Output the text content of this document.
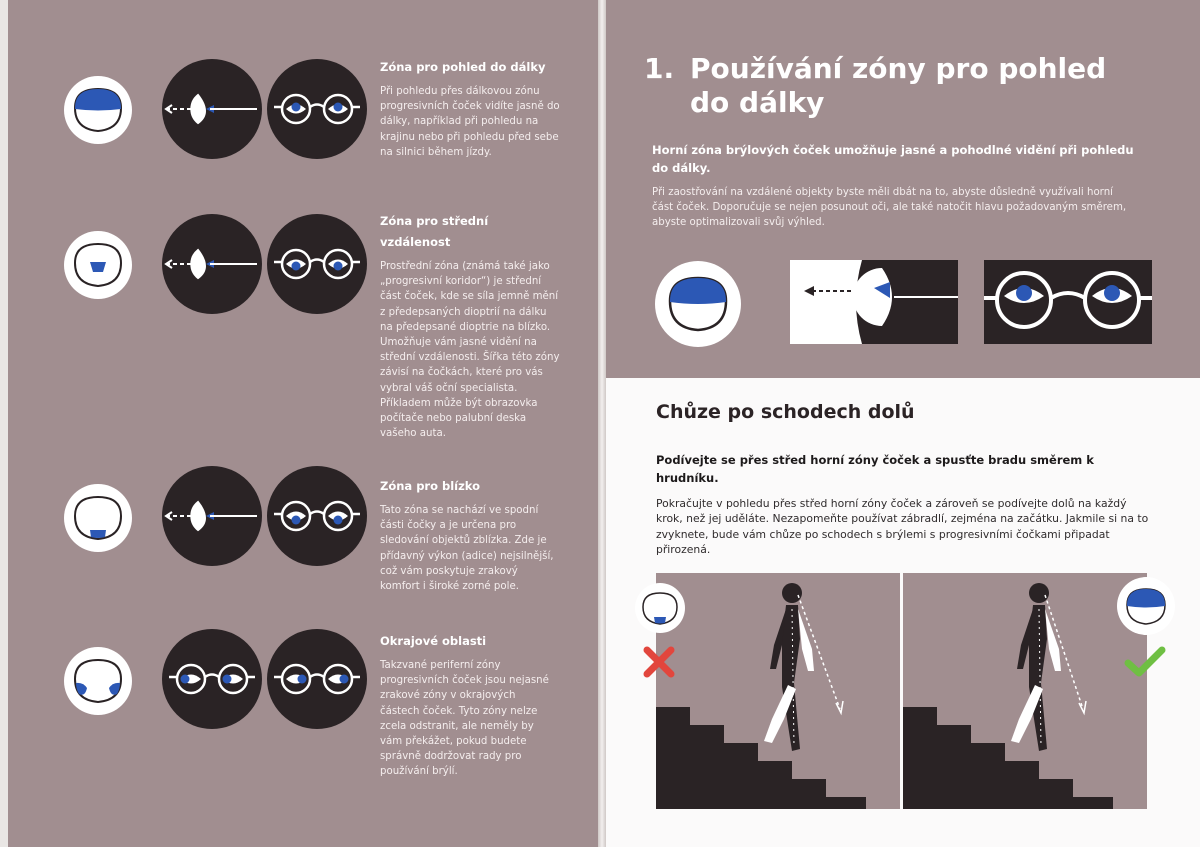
Zóna pro pohled do dálky
Při pohledu přes dálkovou zónu progresivních čoček vidíte jasně do dálky, například při pohledu na krajinu nebo při pohledu před sebe na silnici během jízdy.
Zóna pro střední vzdálenost
Prostřední zóna (známá také jako „progresivní koridor“) je střední část čoček, kde se síla jemně mění z předepsaných dioptrií na dálku na předepsané dioptrie na blízko. Umožňuje vám jasné vidění na střední vzdálenosti. Šířka této zóny závisí na čočkách, které pro vás vybral váš oční specialista. Příkladem může být obrazovka počítače nebo palubní deska vašeho auta.
Zóna pro blízko
Tato zóna se nachází ve spodní části čočky a je určena pro sledování objektů zblízka. Zde je přídavný výkon (adice) nejsilnější, což vám poskytuje zrakový komfort i široké zorné pole.
Okrajové oblasti
Takzvané periferní zóny progresivních čoček jsou nejasné zrakové zóny v okrajových částech čoček. Tyto zóny nelze zcela odstranit, ale neměly by vám překážet, pokud budete správně dodržovat rady pro používání brýlí.
1. Používání zóny pro pohled do dálky
Horní zóna brýlových čoček umožňuje jasné a pohodlné vidění při pohledu do dálky.
Při zaostřování na vzdálené objekty byste měli dbát na to, abyste důsledně využívali horní část čoček. Doporučuje se nejen posunout oči, ale také natočit hlavu požadovaným směrem, abyste optimalizovali svůj výhled.
Chůze po schodech dolů
Podívejte se přes střed horní zóny čoček a spusťte bradu směrem k hrudníku.
Pokračujte v pohledu přes střed horní zóny čoček a zároveň se podívejte dolů na každý krok, než jej uděláte. Nezapomeňte používat zábradlí, zejména na začátku. Jakmile si na to zvyknete, bude vám chůze po schodech s brýlemi s progresivními čočkami připadat přirozená.
